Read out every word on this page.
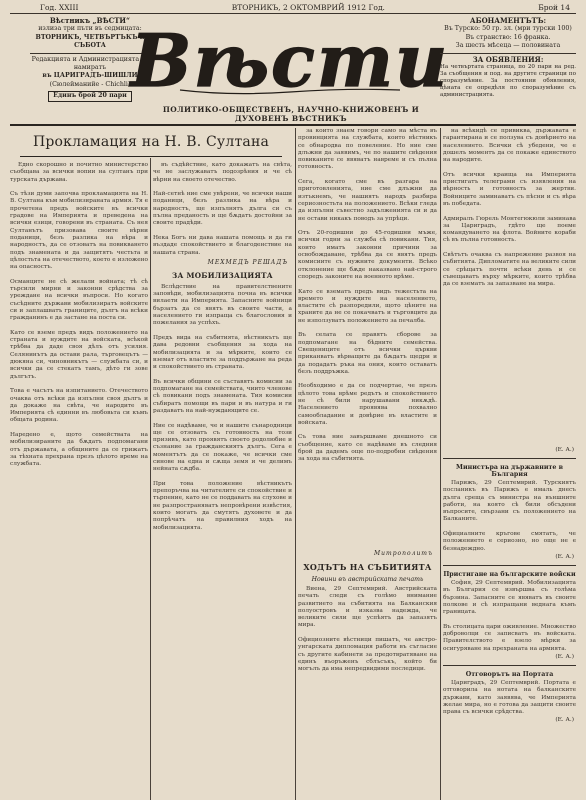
Год. XXIII	ВТОРНИКЪ, 2 ОКТОМВРИЙ 1912 Год.	Брой 14
Вѣстникъ „ВѢСТИ“
излиза три пъти въ седмицата:
ВТОРНИКЪ, ЧЕТВЪРТЪКЪ и СЪБОТА
Редакцията и Администрацията се намиратъ
въ ЦАРИГРАДЪ-ШИШЛИ
(Сюлейманийе - Chichli)
Единъ брой 20 пари Вѣсти	АБОНАМЕНТЪТЪ:
Въ Турско: 50 гр. зл. (мри турски 100)
Въ странство: 16 франка.
За шесть мѣсеца — половината
ЗА ОБЯВЛЕНИЯ:
На четвъртата страница, по 20 пари на ред. За съобщения и под. на другите страници по споразумѣние. За постоянни обявления, цѣната се опредѣля по споразумѣние съ администрацията.
ПОЛИТИКО-ОБЩЕСТВЕНЪ, НАУЧНО-КНИЖОВЕНЪ И ДУХОВЕНЪ ВѢСТНИКЪ
Прокламация на Н. В. Султана
Едно скорошно и почитно министерство съобщава за всички вопии на султанъ при турската държава.

Съ тѣзи думи започва прокламацията на Н. В. Султана към мобилизираната армия. Тя е прочетена предъ войските въ всички градове на Империята и преведена на всички езици, говорени въ страната. Съ нея Султанътъ призовава своите вѣрни поданици, безъ разлика на вѣра и народностъ, да се отзоватъ на повикването подъ знамената и да защитятъ честьта и цѣлостьта на отечеството, което е изложено на опасностъ.

Османците не сѣ желали войната; тѣ сѣ търсили мирни и законни срѣдства за уреждане на всички въпроси. Но когато съсѣдните държави мобилизиратъ войските си и заплашватъ границите, дългъ на всѣки гражданинъ е да застане на поста си.

Като се вземе предъ видъ положението на страната и нуждите на войската, всѣкой трѣбва да даде своя дѣлъ отъ усилия. Селянинътъ да остави рала, търговецътъ — дюкяна си, чиновникътъ — службата си, и всички да се стекатъ тамъ, дѣто ги зове дългътъ.

Това е часътъ на изпитанието. Отечеството очаква отъ всѣки да изпълни своя дългъ и да докаже на свѣта, че народите въ Империята сѣ единни въ любовьта си къмъ общата родина.

Наредено е, щото семействата на мобилизираните да бѫдатъ подпомагани отъ държавата, а общините да се грижатъ за тѣхната прехрана презъ цѣлото време на службата.
въ съдѣйствие, като докажатъ на свѣта, че не заслужаватъ подозрѣния и че сѣ вѣрни на своето отечество.

Най-сетнѣ ние сме увѣрени, че всички наши поданици, безъ разлика на вѣра и народностъ, ще изпълнятъ дълга си съ пълна преданость и ще бѫдатъ достойни за своите прадѣди.

Нека Богъ ни дава нашата помощь и да ги въздаде спокойствието и благоденствие на нашата страна.
МЕХМЕДЪ РЕШАДЪ
ЗА МОБИЛИЗАЦИЯТА
Вслѣдствие на правителствените заповѣди, мобилизацията почна въ всички вилаети на Империята. Запасните войници бързатъ да се явятъ въ своите части, а населението ги изпраща съ благословия и пожелания за успѣхъ.

Предъ вида на събитията, вѣстникътъ ще дава редовни съобщения за хода на мобилизацията и за мѣрките, които се вземат отъ властите за поддържане на реда и спокойствието въ страната.

Въ всички общини се съставятъ комисии за подпомагане на семействата, чиито членове сѣ повикани подъ знамената. Тия комисии събиратъ помощи въ пари и въ натура и ги раздаватъ на най-нуждающите се.

Ние се надѣваме, че и нашите сънародници ще се отзоватъ съ готовность на този призивъ, като проявятъ своето родолюбие и съзнание за гражданскиятъ дългъ. Сега е моментътъ да се покаже, че всички сме синове на една и сѫща земя и че делимъ нейната сѫдба.

При това положение вѣстникътъ препоръчва на читателите си спокойствие и търпение, като не се поддаватъ на слухове и не разпространяватъ непровѣрени извѣстия, които могатъ да смутятъ духовете и да попрѣчатъ на правилния ходъ на мобилизацията.
за които знаем говори само на мѣста въ провинцията на службата, които вѣстникъ се обнародва по повеление. Но ние сме длъжни да заявимъ, че по нашите свѣдения повиканите се явяватъ навреме и съ пълна готовность.

Сега, когато сме въ разгара на приготовленията, ние сме длъжни да изтъкнемъ, че нашиятъ народъ разбира сериозностьта на положението. Всѣки гледа да изпълни съвестно задълженията си и да не остави никакъ поводъ за упрѣци.

Отъ 20-годишни до 45-годишни мъже, всички годни за служба сѣ повикани. Тия, които иматъ законни причини за освобождаване, трѣбва да се явятъ предъ комисиите съ нужните документи. Всѣко отклонение ще бѫде наказвано най-строго споредъ законите на военното врѣме.

Като се взематъ предъ видъ тежестьта на времето и нуждите на населението, властите сѣ разпоредили, щото цѣните на храните да не се покачватъ и търговците да не използуватъ положението за печалба.

Въ селата се правятъ сборове за подпомагане на бѣдните семейства. Свещениците отъ всички църкви приканватъ вѣрващите да бѫдатъ щедри и да подадатъ ръка на ония, които оставатъ безъ поддръжка.

Необходимо е да се подчертае, че презъ цѣлото това врѣме редътъ и спокойствието не сѣ били нарушавани никѫдѣ. Населението проявява похвално самообладание и довѣрие въ властите и войската.

Съ това ние завършваме днешното си съобщение, като се надѣваме въ следния брой да дадемъ още по-подробни свѣдения за хода на събитията.
Митрополитъ
ХОДЪТЪ НА СЪБИТИЯТА
Новини въ австрийската печать
Виена, 29 Септемврий. Австрийската печать следи съ голѣмо внимание развитието на събитията на Балканския полуостровъ и изказва надежда, че великите сили ще успѣятъ да запазятъ мира.

Официозните вѣстници пишатъ, че австро-унгарската дипломация работи въ съгласие съ другите кабинети за предотвратяване на единъ въоръженъ сблъсъкъ, който би могълъ да има непредвидими последици.
на всѣкидѣ се привиква, държавата е гарантирана и се ползува съ довѣрието на населението. Всички сѣ убедени, че е дошелъ моментъ да се покаже единството на народите.

Отъ всички краища на Империята пристигатъ телеграми съ изявления на вѣрность и готовность за жертви. Войниците заминаватъ съ пѣсни и съ вѣра въ победата.

Адмиралъ Гюрель Монтегюкюли заминава за Цариградъ, гдѣто ще поеме командуването на флота. Войните кораби сѣ въ пълна готовность.

Свѣтътъ очаква съ напрежение развоя на събитията. Дипломатите на великите сили се срѣщатъ почти всѣки день и се съвещаватъ върху мѣрките, които трѣбва да се взематъ за запазване на мира.
(Е. А.)
Министъра на държавните в България
Парижъ, 29 Септемврий. Турскиятъ посланикъ въ Парижъ е ималь днесъ дълга среща съ министра на външните работи, на която сѣ били обсъдени въпросите, свързани съ положението на Балканите.

Официалните кръгове смятатъ, че положението е сериозно, но още не е безнадеждно.
(Е. А.)
Пристигане на българските войски
София, 29 Септемврий. Мобилизацията въ България се извършва съ голѣма бързина. Запасните се явяватъ въ своите полкове и сѣ изпращани веднага къмъ границата.

Въ столицата цари оживление. Множество доброволци се записватъ въ войската. Правителството е взело мѣрки за осигуряване на прехраната на армията.
(Е. А.)
Отговорътъ на Портата
Цариградъ, 29 Септемврий. Портата е отговорила на нотата на балканските държави, като заявява, че Империята желае мира, но е готова да защити своите права съ всички срѣдства.
(Е. А.)
